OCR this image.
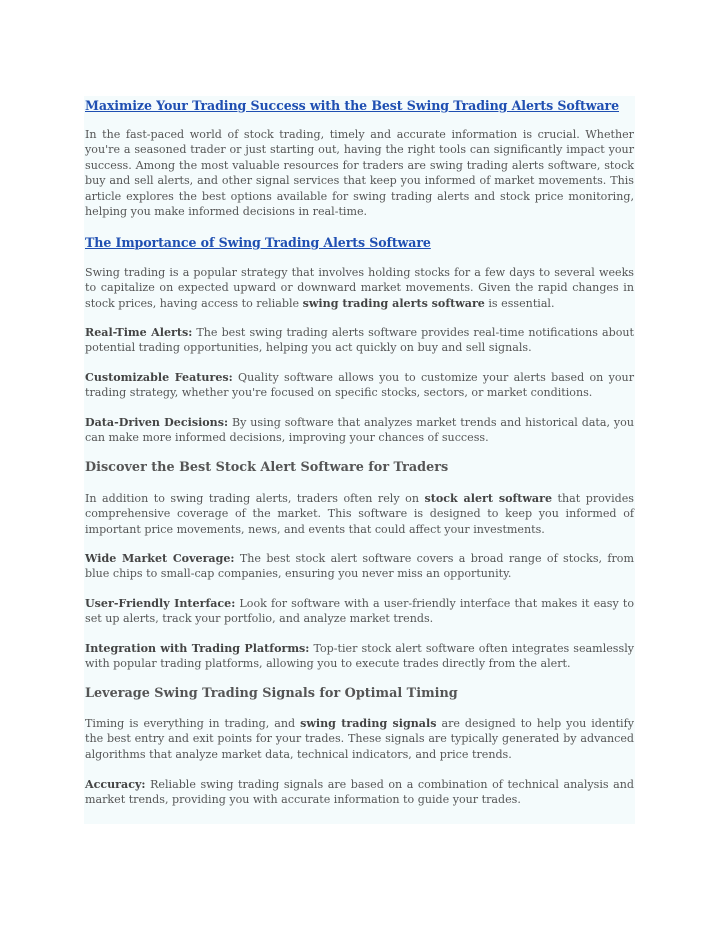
Maximize Your Trading Success with the Best Swing Trading Alerts Software

In the fast-paced world of stock trading, timely and accurate information is crucial. Whether you're a seasoned trader or just starting out, having the right tools can significantly impact your success. Among the most valuable resources for traders are swing trading alerts software, stock buy and sell alerts, and other signal services that keep you informed of market movements. This article explores the best options available for swing trading alerts and stock price monitoring, helping you make informed decisions in real-time.

The Importance of Swing Trading Alerts Software

Swing trading is a popular strategy that involves holding stocks for a few days to several weeks to capitalize on expected upward or downward market movements. Given the rapid changes in stock prices, having access to reliable swing trading alerts software is essential.

Real-Time Alerts: The best swing trading alerts software provides real-time notifications about potential trading opportunities, helping you act quickly on buy and sell signals.

Customizable Features: Quality software allows you to customize your alerts based on your trading strategy, whether you're focused on specific stocks, sectors, or market conditions.

Data-Driven Decisions: By using software that analyzes market trends and historical data, you can make more informed decisions, improving your chances of success.

Discover the Best Stock Alert Software for Traders

In addition to swing trading alerts, traders often rely on stock alert software that provides comprehensive coverage of the market. This software is designed to keep you informed of important price movements, news, and events that could affect your investments.

Wide Market Coverage: The best stock alert software covers a broad range of stocks, from blue chips to small-cap companies, ensuring you never miss an opportunity.

User-Friendly Interface: Look for software with a user-friendly interface that makes it easy to set up alerts, track your portfolio, and analyze market trends.

Integration with Trading Platforms: Top-tier stock alert software often integrates seamlessly with popular trading platforms, allowing you to execute trades directly from the alert.

Leverage Swing Trading Signals for Optimal Timing

Timing is everything in trading, and swing trading signals are designed to help you identify the best entry and exit points for your trades. These signals are typically generated by advanced algorithms that analyze market data, technical indicators, and price trends.

Accuracy: Reliable swing trading signals are based on a combination of technical analysis and market trends, providing you with accurate information to guide your trades.
